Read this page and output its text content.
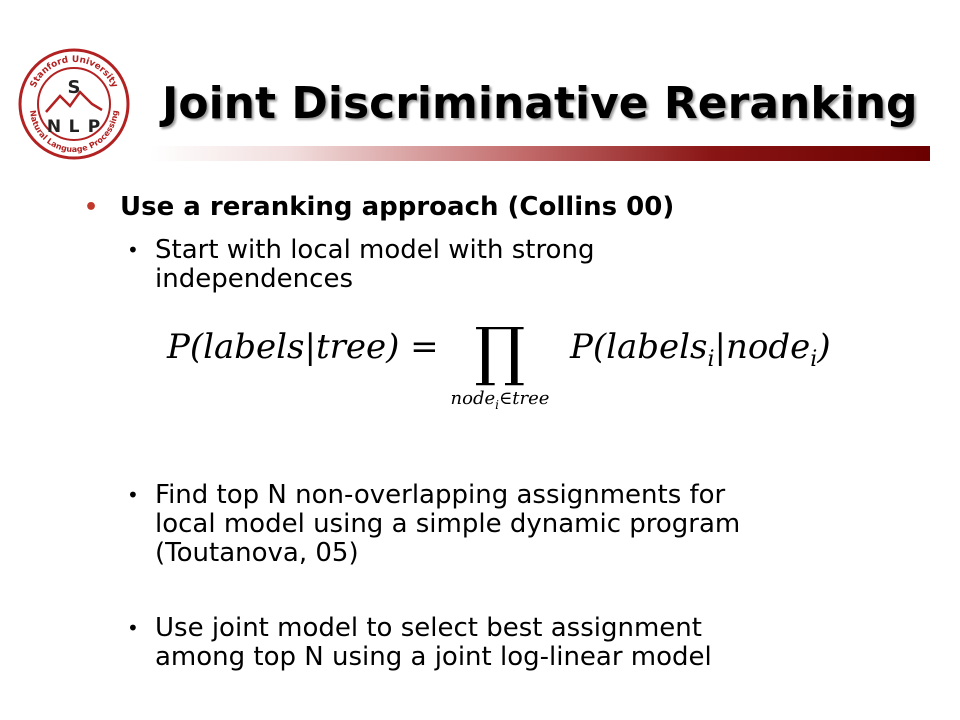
Stanford University
Natural Language Processing
S
N L P Joint Discriminative Reranking
• Use a reranking approach (Collins 00)
• Start with local model with strong
independences
• Find top N non-overlapping assignments for
local model using a simple dynamic program
(Toutanova, 05)
• Use joint model to select best assignment
among top N using a joint log-linear model
P(labels|tree) = ∏
node$_i$∈tree
P(labels$_i$|node$_i$)
